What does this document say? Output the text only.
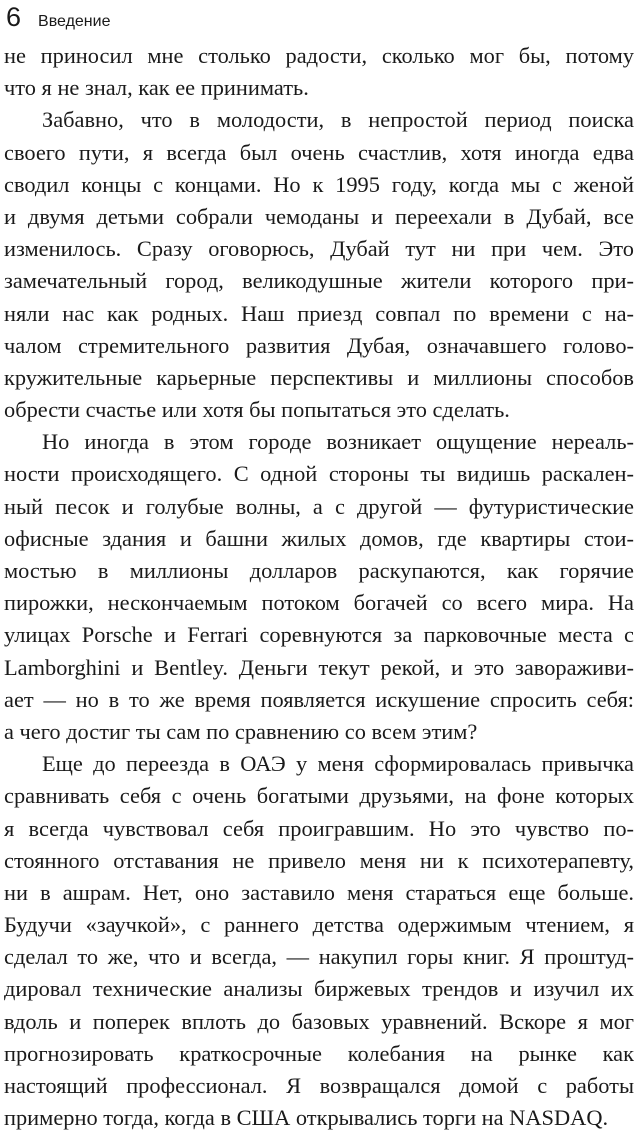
6 Введение
не приносил мне столько радости, сколько мог бы, потому
что я не знал, как ее принимать.
Забавно, что в молодости, в непростой период поиска
своего пути, я всегда был очень счастлив, хотя иногда едва
сводил концы с концами. Но к 1995 году, когда мы с женой
и двумя детьми собрали чемоданы и переехали в Дубай, все
изменилось. Сразу оговорюсь, Дубай тут ни при чем. Это
замечательный город, великодушные жители которого при-
няли нас как родных. Наш приезд совпал по времени с на-
чалом стремительного развития Дубая, означавшего голово-
кружительные карьерные перспективы и миллионы способов
обрести счастье или хотя бы попытаться это сделать.
Но иногда в этом городе возникает ощущение нереаль-
ности происходящего. С одной стороны ты видишь раскален-
ный песок и голубые волны, а с другой — футуристические
офисные здания и башни жилых домов, где квартиры стои-
мостью в миллионы долларов раскупаются, как горячие
пирожки, нескончаемым потоком богачей со всего мира. На
улицах Porsche и Ferrari соревнуются за парковочные места с
Lamborghini и Bentley. Деньги текут рекой, и это завораживи-
ает — но в то же время появляется искушение спросить себя:
а чего достиг ты сам по сравнению со всем этим?
Еще до переезда в ОАЭ у меня сформировалась привычка
сравнивать себя с очень богатыми друзьями, на фоне которых
я всегда чувствовал себя проигравшим. Но это чувство по-
стоянного отставания не привело меня ни к психотерапевту,
ни в ашрам. Нет, оно заставило меня стараться еще больше.
Будучи «заучкой», с раннего детства одержимым чтением, я
сделал то же, что и всегда, — накупил горы книг. Я проштуд-
дировал технические анализы биржевых трендов и изучил их
вдоль и поперек вплоть до базовых уравнений. Вскоре я мог
прогнозировать краткосрочные колебания на рынке как
настоящий профессионал. Я возвращался домой с работы
примерно тогда, когда в США открывались торги на NASDAQ.
